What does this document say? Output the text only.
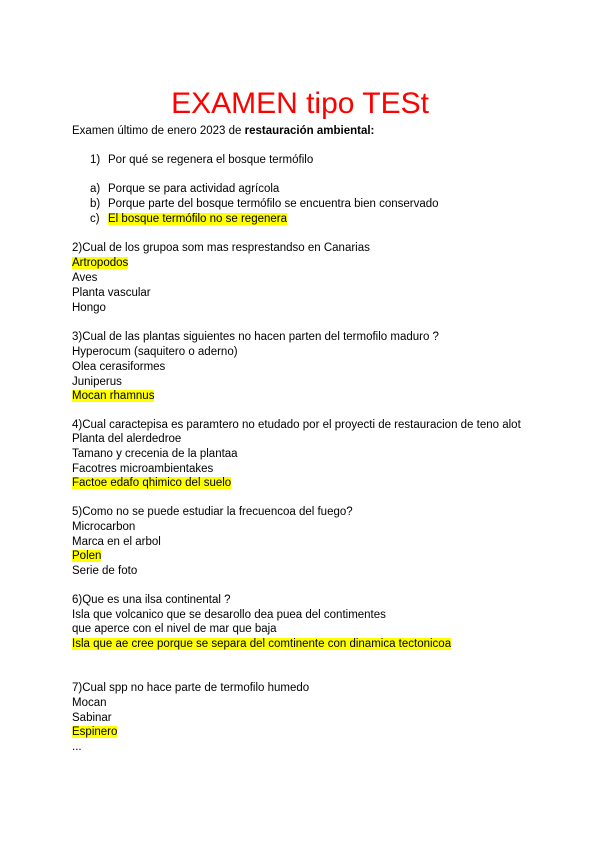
EXAMEN tipo TESt
Examen último de enero 2023 de restauración ambiental:
1) Por qué se regenera el bosque termófilo
a) Porque se para actividad agrícola
b) Porque parte del bosque termófilo se encuentra bien conservado
c) El bosque termófilo no se regenera
2)Cual de los grupoa som mas resprestandso en Canarias
Artropodos
Aves
Planta vascular
Hongo
3)Cual de las plantas siguientes no hacen parten del termofilo maduro ?
Hyperocum (saquitero o aderno)
Olea cerasiformes
Juniperus
Mocan rhamnus
4)Cual caractерisa es paramtero no etudado por el proyecti de restauracion de teno alot
Planta del alerdedroe
Tamano y crecenia de la plantaa
Facotres microambientakes
Factoe edafo qhimico del suelo
5)Como no se puede estudiar la frecuencoa del fuego?
Microcarbon
Marca en el arbol
Polen
Serie de foto
6)Que es una ilsa continental ?
Isla que volcanico que se desarollo dea puea del contimentes
que aperce con el nivel de mar que baja
Isla que ae cree porque se separa del comtinente con dinamica tectonicoa
7)Cual spp no hace parte de termofilo humedo
Mocan
Sabinar
Espinero
...
